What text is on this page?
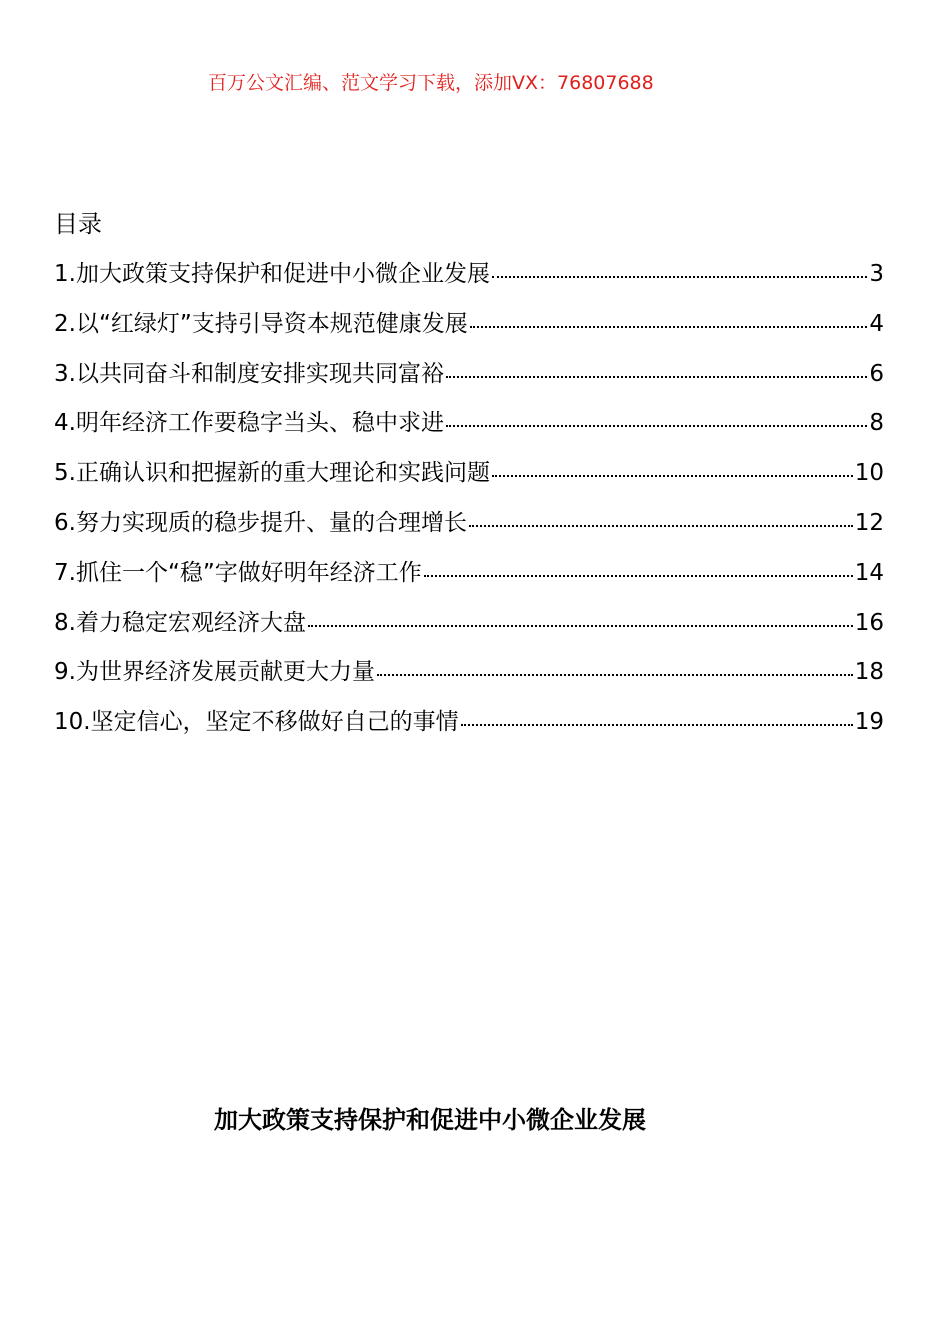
百万公文汇编、范文学习下载，添加VX：76807688
目录
1.加大政策支持保护和促进中小微企业发展	3
2.以“红绿灯”支持引导资本规范健康发展	4
3.以共同奋斗和制度安排实现共同富裕	6
4.明年经济工作要稳字当头、稳中求进	8
5.正确认识和把握新的重大理论和实践问题	10
6.努力实现质的稳步提升、量的合理增长	12
7.抓住一个“稳”字做好明年经济工作	14
8.着力稳定宏观经济大盘	16
9.为世界经济发展贡献更大力量	18
10.坚定信心，坚定不移做好自己的事情	19
加大政策支持保护和促进中小微企业发展
